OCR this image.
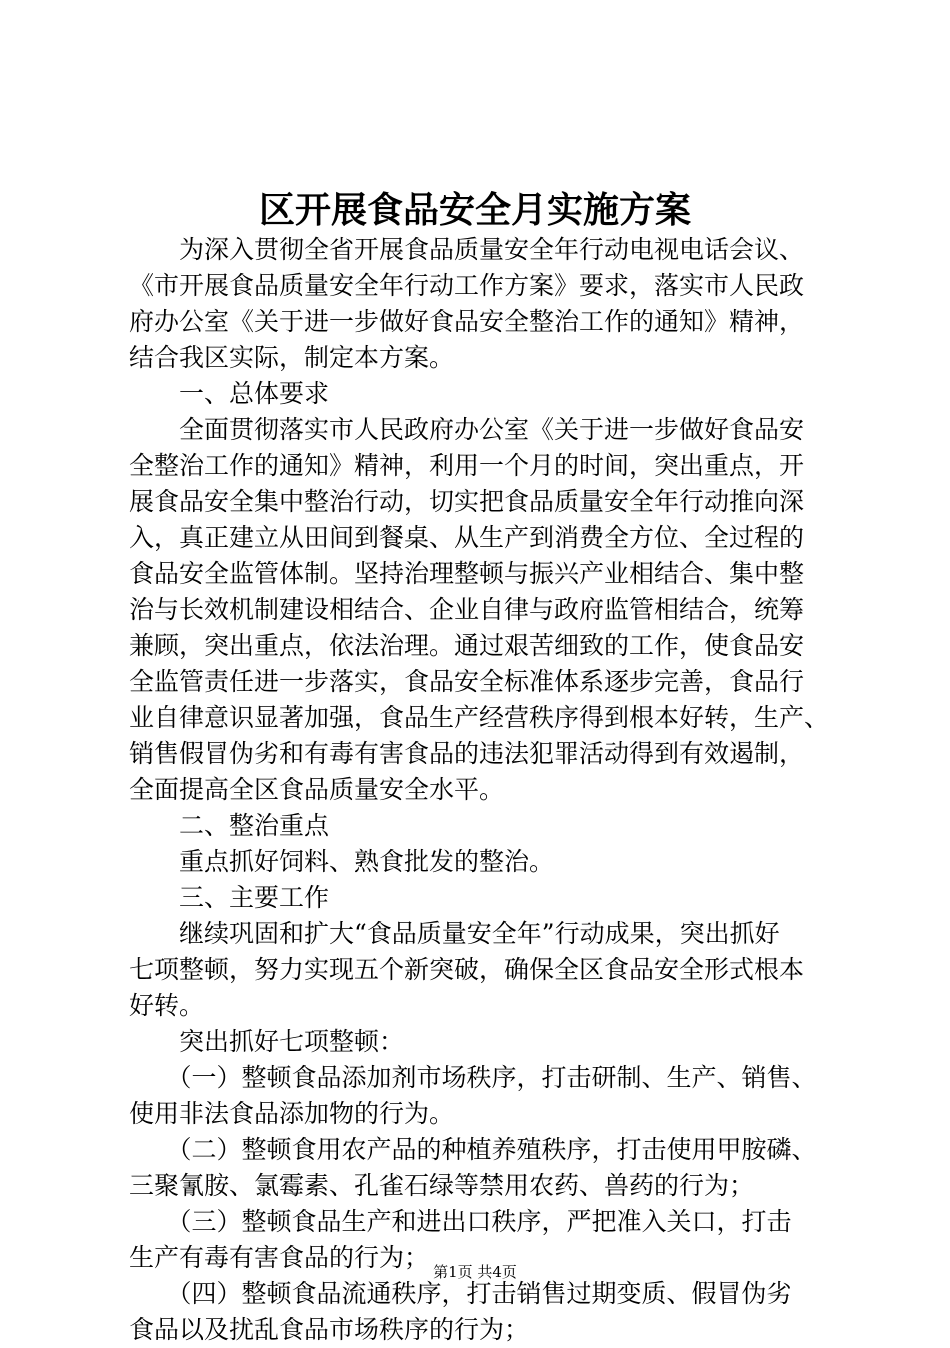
区开展食品安全月实施方案
　　为深入贯彻全省开展食品质量安全年行动电视电话会议、
《市开展食品质量安全年行动工作方案》要求，落实市人民政
府办公室《关于进一步做好食品安全整治工作的通知》精神，
结合我区实际，制定本方案。
　　一、总体要求
　　全面贯彻落实市人民政府办公室《关于进一步做好食品安
全整治工作的通知》精神，利用一个月的时间，突出重点，开
展食品安全集中整治行动，切实把食品质量安全年行动推向深
入，真正建立从田间到餐桌、从生产到消费全方位、全过程的
食品安全监管体制。坚持治理整顿与振兴产业相结合、集中整
治与长效机制建设相结合、企业自律与政府监管相结合，统筹
兼顾，突出重点，依法治理。通过艰苦细致的工作，使食品安
全监管责任进一步落实，食品安全标准体系逐步完善，食品行
业自律意识显著加强，食品生产经营秩序得到根本好转，生产、
销售假冒伪劣和有毒有害食品的违法犯罪活动得到有效遏制，
全面提高全区食品质量安全水平。
　　二、整治重点
　　重点抓好饲料、熟食批发的整治。
　　三、主要工作
　　继续巩固和扩大“食品质量安全年”行动成果，突出抓好
七项整顿，努力实现五个新突破，确保全区食品安全形式根本
好转。
　　突出抓好七项整顿：
　　（一）整顿食品添加剂市场秩序，打击研制、生产、销售、
使用非法食品添加物的行为。
　　（二）整顿食用农产品的种植养殖秩序，打击使用甲胺磷、
三聚氰胺、氯霉素、孔雀石绿等禁用农药、兽药的行为；
　　（三）整顿食品生产和进出口秩序，严把准入关口，打击
生产有毒有害食品的行为；
　　（四）整顿食品流通秩序，打击销售过期变质、假冒伪劣
食品以及扰乱食品市场秩序的行为；
第1页 共4页
